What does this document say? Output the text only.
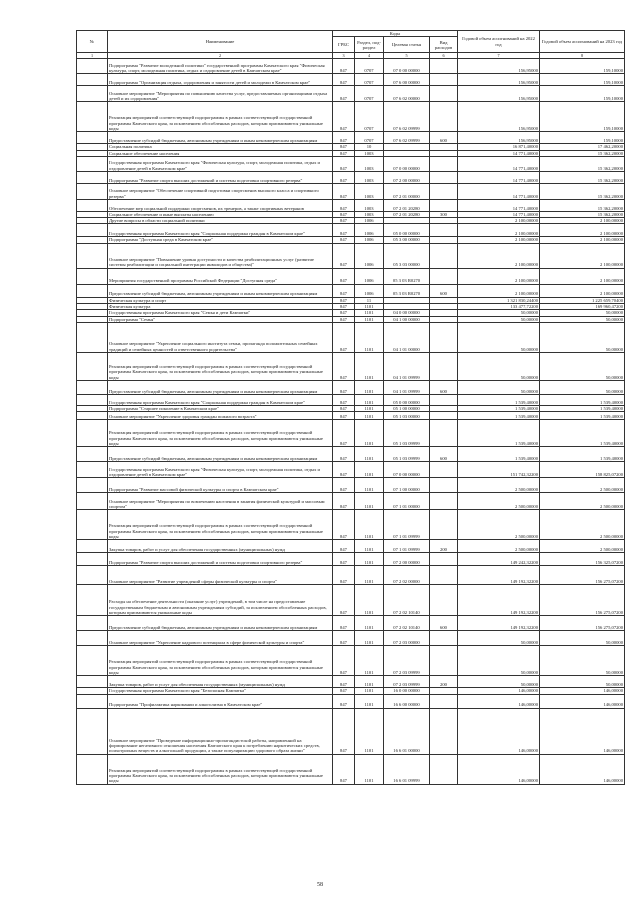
№	Наименование	Коды				Годовой объем ассигнований на 2022 год	Годовой объем ассигнований на 2023 год
		ГРБС	Раздел, под-раздел	Целевая статья	Вид расходов		
1	2	3	4	5	6	7	8
	Подпрограмма "Развитие молодежной политики" государственной программы Камчатского края "Физическая культура, спорт, молодежная политика, отдых и оздоровление детей в Камчатском крае"	847	0707	07 0 00 00000		156,95000	159,10000
	Подпрограмма "Организация отдыха, оздоровления и занятости детей и молодежи в Камчатском крае"	847	0707	07 6 00 00000		156,95000	159,10000
	Основное мероприятие "Мероприятия по повышению качества услуг, предоставляемых организациями отдыха детей и их оздоровления"	847	0707	07 6 02 00000		156,95000	159,10000
	Реализация мероприятий соответствующей подпрограммы в рамках соответствующей государственной программы Камчатского края, за исключением обособленных расходов, которым присваиваются уникальные коды	847	0707	07 6 02 09999		156,95000	159,10000
	Предоставление субсидий бюджетным, автономным учреждениям и иным некоммерческим организациям	847	0707	07 6 02 09999	600	156,95000	159,10000
	Социальная политика	847	10			16 871,40000	17 462,20000
	Социальное обеспечение населения	847	1003			14 771,40000	15 362,20000
	Государственная программа Камчатского края "Физическая культура, спорт, молодежная политика, отдых и оздоровление детей в Камчатском крае"	847	1003	07 0 00 00000		14 771,40000	15 362,20000
	Подпрограмма "Развитие спорта высших достижений и системы подготовки спортивного резерва"	847	1003	07 2 00 00000		14 771,40000	15 362,20000
	Основное мероприятие "Обеспечение спортивной подготовки спортсменов высокого класса и спортивного резерва"	847	1003	07 2 01 00000		14 771,40000	15 362,20000
	Обеспечение мер социальной поддержки спортсменов, их тренеров, а также спортивных ветеранов	847	1003	07 2 01 20280		14 771,40000	15 362,20000
	Социальное обеспечение и иные выплаты населению	847	1003	07 2 01 20280	300	14 771,40000	15 362,20000
	Другие вопросы в области социальной политики	847	1006			2 100,00000	2 100,00000
	Государственная программа Камчатского края "Социальная поддержка граждан в Камчатском крае"	847	1006	05 0 00 00000		2 100,00000	2 100,00000
	Подпрограмма "Доступная среда в Камчатском крае"	847	1006	05 3 00 00000		2 100,00000	2 100,00000
	Основное мероприятие "Повышение уровня доступности и качества реабилитационных услуг (развитие системы реабилитации и социальной интеграции инвалидов и общества)"	847	1006	05 3 03 00000		2 100,00000	2 100,00000
	Мероприятия государственной программы Российской Федерации "Доступная среда"	847	1006	05 3 03 R0270		2 100,00000	2 100,00000
	Предоставление субсидий бюджетным, автономным учреждениям и иным некоммерческим организациям	847	1006	05 3 03 R0270	600	2 100,00000	2 100,00000
	Физическая культура и спорт	847	11			1 321 830,24400	1 225 659,70400
	Физическая культура	847	1101			133 477,72200	169 960,47200
	Государственная программа Камчатского края "Семья и дети Камчатки"	847	1101	04 0 00 00000		50,00000	50,00000
	Подпрограмма "Семья"	847	1101	04 1 00 00000		50,00000	50,00000
	Основное мероприятие "Укрепление социального института семьи, пропаганда положительных семейных традиций и семейных ценностей и ответственного родительства"	847	1101	04 1 01 00000		50,00000	50,00000
	Реализация мероприятий соответствующей подпрограммы в рамках соответствующей государственной программы Камчатского края, за исключением обособленных расходов, которым присваиваются уникальные коды	847	1101	04 1 01 09999		50,00000	50,00000
	Предоставление субсидий бюджетным, автономным учреждениям и иным некоммерческим организациям	847	1101	04 1 01 09999	600	50,00000	50,00000
	Государственная программа Камчатского края "Социальная поддержка граждан в Камчатском крае"	847	1101	05 0 00 00000		1 539,40000	1 539,40000
	Подпрограмма "Старшее поколение в Камчатском крае"	847	1101	05 1 00 00000		1 539,40000	1 539,40000
	Основное мероприятие "Укрепление здоровья граждан пожилого возраста"	847	1101	05 1 03 00000		1 539,40000	1 539,40000
	Реализация мероприятий соответствующей подпрограммы в рамках соответствующей государственной программы Камчатского края, за исключением обособленных расходов, которым присваиваются уникальные коды	847	1101	05 1 03 09999		1 539,40000	1 539,40000
	Предоставление субсидий бюджетным, автономным учреждениям и иным некоммерческим организациям	847	1101	05 1 03 09999	600	1 539,40000	1 539,40000
	Государственная программа Камчатского края "Физическая культура, спорт, молодежная политика, отдых и оздоровление детей в Камчатском крае"	847	1101	07 0 00 00000		151 742,32200	158 825,07200
	Подпрограмма "Развитие массовой физической культуры и спорта в Камчатском крае"	847	1101	07 1 00 00000		2 500,00000	2 500,00000
	Основное мероприятие "Мероприятия по вовлечению населения в занятия физической культурой и массовым спортом"	847	1101	07 1 01 00000		2 500,00000	2 500,00000
	Реализация мероприятий соответствующей подпрограммы в рамках соответствующей государственной программы Камчатского края, за исключением обособленных расходов, которым присваиваются уникальные коды	847	1101	07 1 01 09999		2 500,00000	2 500,00000
	Закупка товаров, работ и услуг для обеспечения государственных (муниципальных) нужд	847	1101	07 1 01 09999	200	2 500,00000	2 500,00000
	Подпрограмма "Развитие спорта высших достижений и системы подготовки спортивного резерва"	847	1101	07 2 00 00000		149 242,32200	156 325,07200
	Основное мероприятие "Развитие учреждений сферы физической культуры и спорта"	847	1101	07 2 02 00000		149 192,32200	156 275,07200
	Расходы на обеспечение деятельности (оказание услуг) учреждений, в том числе на предоставление государственным бюджетным и автономным учреждениям субсидий, за исключением обособленных расходов, которым присваиваются уникальные коды	847	1101	07 2 02 10140		149 192,32200	156 275,07200
	Предоставление субсидий бюджетным, автономным учреждениям и иным некоммерческим организациям	847	1101	07 2 02 10140	600	149 192,32200	156 275,07200
	Основное мероприятие "Укрепление кадрового потенциала в сфере физической культуры и спорта"	847	1101	07 2 03 00000		50,00000	50,00000
	Реализация мероприятий соответствующей подпрограммы в рамках соответствующей государственной программы Камчатского края, за исключением обособленных расходов, которым присваиваются уникальные коды	847	1101	07 2 03 09999		50,00000	50,00000
	Закупка товаров, работ и услуг для обеспечения государственных (муниципальных) нужд	847	1101	07 2 03 09999	200	50,00000	50,00000
	Государственная программа Камчатского края "Безопасная Камчатка"	847	1101	16 0 00 00000		146,00000	146,00000
	Подпрограмма "Профилактика наркомании и алкоголизма в Камчатском крае"	847	1101	16 6 00 00000		146,00000	146,00000
	Основное мероприятие "Проведение информационно-пропагандистской работы, направленной на формирование негативного отношения населения Камчатского края к потреблению наркотических средств, психотропных веществ и алкогольной продукции, а также популяризацию здорового образа жизни"	847	1101	16 6 01 00000		146,00000	146,00000
	Реализация мероприятий соответствующей подпрограммы в рамках соответствующей государственной программы Камчатского края, за исключением обособленных расходов, которым присваиваются уникальные коды	847	1101	16 6 01 09999		146,00000	146,00000
58
